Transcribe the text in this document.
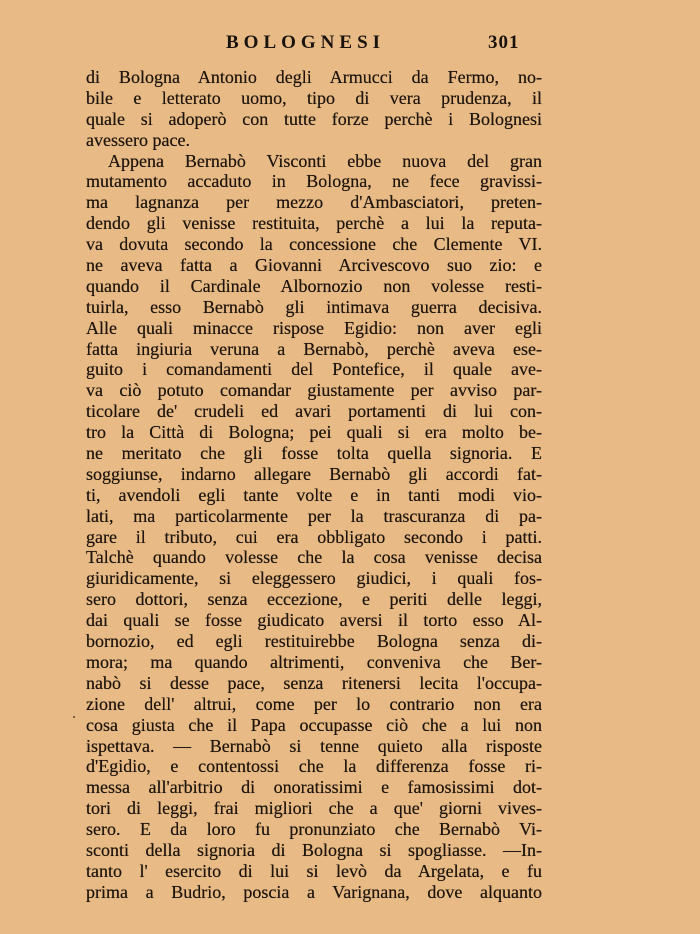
BOLOGNESI	301
di Bologna Antonio degli Armucci da Fermo, no-
bile e letterato uomo, tipo di vera prudenza, il
quale si adoperò con tutte forze perchè i Bolognesi
avessero pace.
Appena Bernabò Visconti ebbe nuova del gran
mutamento accaduto in Bologna, ne fece gravissi-
ma lagnanza per mezzo d'Ambasciatori, preten-
dendo gli venisse restituita, perchè a lui la reputa-
va dovuta secondo la concessione che Clemente VI.
ne aveva fatta a Giovanni Arcivescovo suo zio: e
quando il Cardinale Albornozio non volesse resti-
tuirla, esso Bernabò gli intimava guerra decisiva.
Alle quali minacce rispose Egidio: non aver egli
fatta ingiuria veruna a Bernabò, perchè aveva ese-
guito i comandamenti del Pontefice, il quale ave-
va ciò potuto comandar giustamente per avviso par-
ticolare de' crudeli ed avari portamenti di lui con-
tro la Città di Bologna; pei quali si era molto be-
ne meritato che gli fosse tolta quella signoria. E
soggiunse, indarno allegare Bernabò gli accordi fat-
ti, avendoli egli tante volte e in tanti modi vio-
lati, ma particolarmente per la trascuranza di pa-
gare il tributo, cui era obbligato secondo i patti.
Talchè quando volesse che la cosa venisse decisa
giuridicamente, si eleggessero giudici, i quali fos-
sero dottori, senza eccezione, e periti delle leggi,
dai quali se fosse giudicato aversi il torto esso Al-
bornozio, ed egli restituirebbe Bologna senza di-
mora; ma quando altrimenti, conveniva che Ber-
nabò si desse pace, senza ritenersi lecita l'occupa-
zione dell' altrui, come per lo contrario non era
cosa giusta che il Papa occupasse ciò che a lui non
ispettava. — Bernabò si tenne quieto alla risposte
d'Egidio, e contentossi che la differenza fosse ri-
messa all'arbitrio di onoratissimi e famosissimi dot-
tori di leggi, frai migliori che a que' giorni vives-
sero. E da loro fu pronunziato che Bernabò Vi-
sconti della signoria di Bologna si spogliasse. —In-
tanto l' esercito di lui si levò da Argelata, e fu
prima a Budrio, poscia a Varignana, dove alquanto
